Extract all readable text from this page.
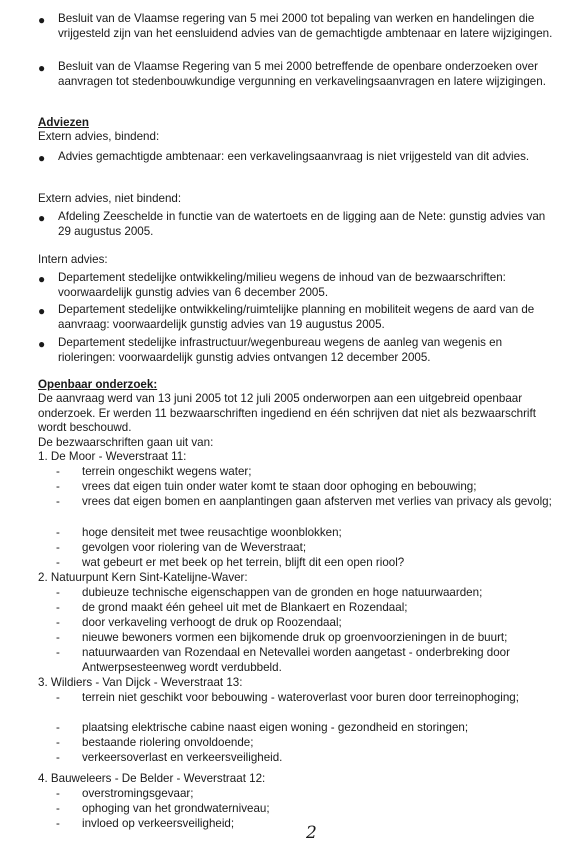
● Besluit van de Vlaamse regering van 5 mei 2000 tot bepaling van werken en handelingen die vrijgesteld zijn van het eensluidend advies van de gemachtigde ambtenaar en latere wijzigingen.
● Besluit van de Vlaamse Regering van 5 mei 2000 betreffende de openbare onderzoeken over aanvragen tot stedenbouwkundige vergunning en verkavelingsaanvragen en latere wijzigingen.
Adviezen
Extern advies, bindend:
● Advies gemachtigde ambtenaar: een verkavelingsaanvraag is niet vrijgesteld van dit advies.
Extern advies, niet bindend:
● Afdeling Zeeschelde in functie van de watertoets en de ligging aan de Nete: gunstig advies van 29 augustus 2005.
Intern advies:
● Departement stedelijke ontwikkeling/milieu wegens de inhoud van de bezwaarschriften: voorwaardelijk gunstig advies van 6 december 2005.
● Departement stedelijke ontwikkeling/ruimtelijke planning en mobiliteit wegens de aard van de aanvraag: voorwaardelijk gunstig advies van 19 augustus 2005.
● Departement stedelijke infrastructuur/wegenbureau wegens de aanleg van wegenis en rioleringen: voorwaardelijk gunstig advies ontvangen 12 december 2005.
Openbaar onderzoek:
De aanvraag werd van 13 juni 2005 tot 12 juli 2005 onderworpen aan een uitgebreid openbaar onderzoek. Er werden 11 bezwaarschriften ingediend en één schrijven dat niet als bezwaarschrift wordt beschouwd.
De bezwaarschriften gaan uit van:
1. De Moor - Weverstraat 11:
- terrein ongeschikt wegens water;
- vrees dat eigen tuin onder water komt te staan door ophoging en bebouwing;
- vrees dat eigen bomen en aanplantingen gaan afsterven met verlies van privacy als gevolg;
- hoge densiteit met twee reusachtige woonblokken;
- gevolgen voor riolering van de Weverstraat;
- wat gebeurt er met beek op het terrein, blijft dit een open riool?
2. Natuurpunt Kern Sint-Katelijne-Waver:
- dubieuze technische eigenschappen van de gronden en hoge natuurwaarden;
- de grond maakt één geheel uit met de Blankaert en Rozendaal;
- door verkaveling verhoogt de druk op Roozendaal;
- nieuwe bewoners vormen een bijkomende druk op groenvoorzieningen in de buurt;
- natuurwaarden van Rozendaal en Netevallei worden aangetast - onderbreking door Antwerpsesteenweg wordt verdubbeld.
3. Wildiers - Van Dijck - Weverstraat 13:
- terrein niet geschikt voor bebouwing - wateroverlast voor buren door terreinophoging;
- plaatsing elektrische cabine naast eigen woning - gezondheid en storingen;
- bestaande riolering onvoldoende;
- verkeersoverlast en verkeersveiligheid.
4. Bauweleers - De Belder - Weverstraat 12:
- overstromingsgevaar;
- ophoging van het grondwaterniveau;
- invloed op verkeersveiligheid;	2
